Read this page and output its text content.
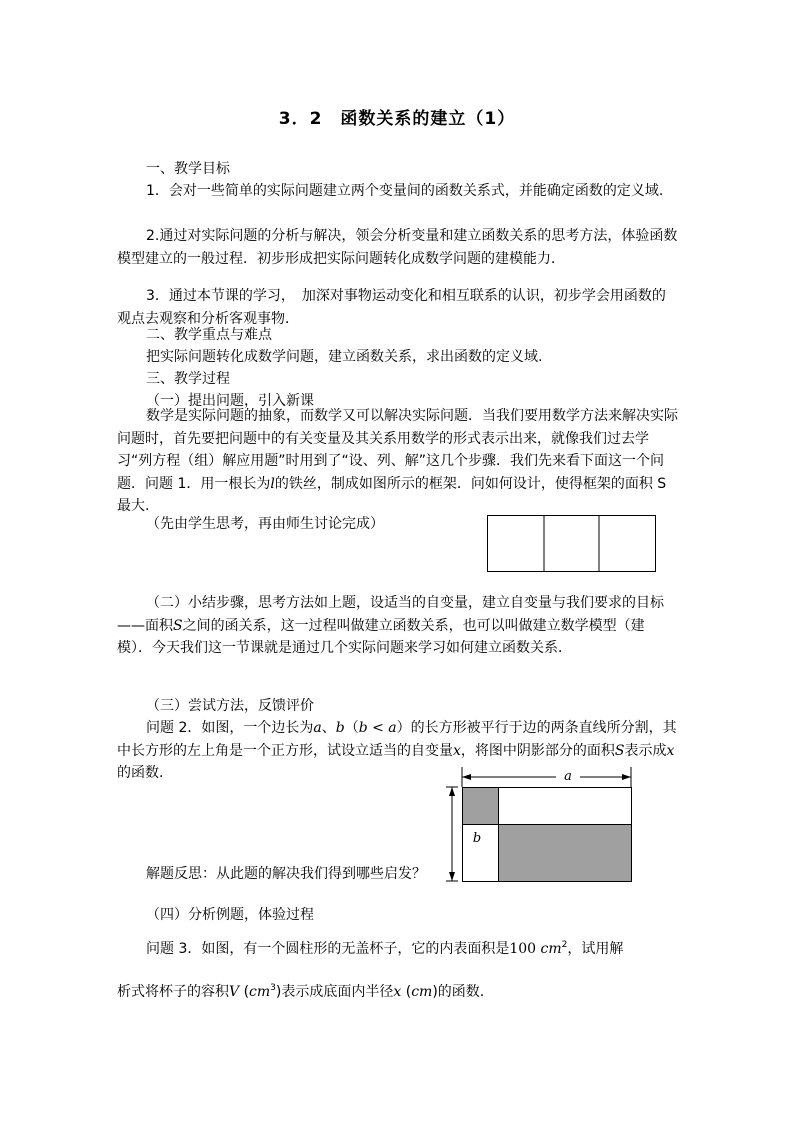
3．2　函数关系的建立（1）
一、教学目标

1．会对一些简单的实际问题建立两个变量间的函数关系式，并能确定函数的定义域.

2.通过对实际问题的分析与解决，领会分析变量和建立函数关系的思考方法，体验函数模型建立的一般过程．初步形成把实际问题转化成数学问题的建模能力．

3．通过本节课的学习，　加深对事物运动变化和相互联系的认识，初步学会用函数的观点去观察和分析客观事物．

二、教学重点与难点
把实际问题转化成数学问题，建立函数关系，求出函数的定义域.
三、教学过程
（一）提出问题，引入新课

数学是实际问题的抽象，而数学又可以解决实际问题．当我们要用数学方法来解决实际问题时，首先要把问题中的有关变量及其关系用数学的形式表示出来，就像我们过去学习“列方程（组）解应用题”时用到了“设、列、解”这几个步骤．我们先来看下面这一个问题．问题 1．用一根长为l的铁丝，制成如图所示的框架．问如何设计，使得框架的面积 S 最大.

（先由学生思考，再由师生讨论完成）

（二）小结步骤，思考方法如上题，设适当的自变量，建立自变量与我们要求的目标——面积S之间的函关系，这一过程叫做建立函数关系，也可以叫做建立数学模型（建模）．今天我们这一节课就是通过几个实际问题来学习如何建立函数关系．

（三）尝试方法，反馈评价

问题 2．如图，一个边长为a、b（b < a）的长方形被平行于边的两条直线所分割，其中长方形的左上角是一个正方形，试设立适当的自变量x，将图中阴影部分的面积S表示成x的函数.	a
b
解题反思：从此题的解决我们得到哪些启发？
（四）分析例题，体验过程
问题 3．如图，有一个圆柱形的无盖杯子，它的内表面积是100 $cm^2$，试用解
析式将杯子的容积V $(cm^3)$表示成底面内半径x (cm)的函数.
